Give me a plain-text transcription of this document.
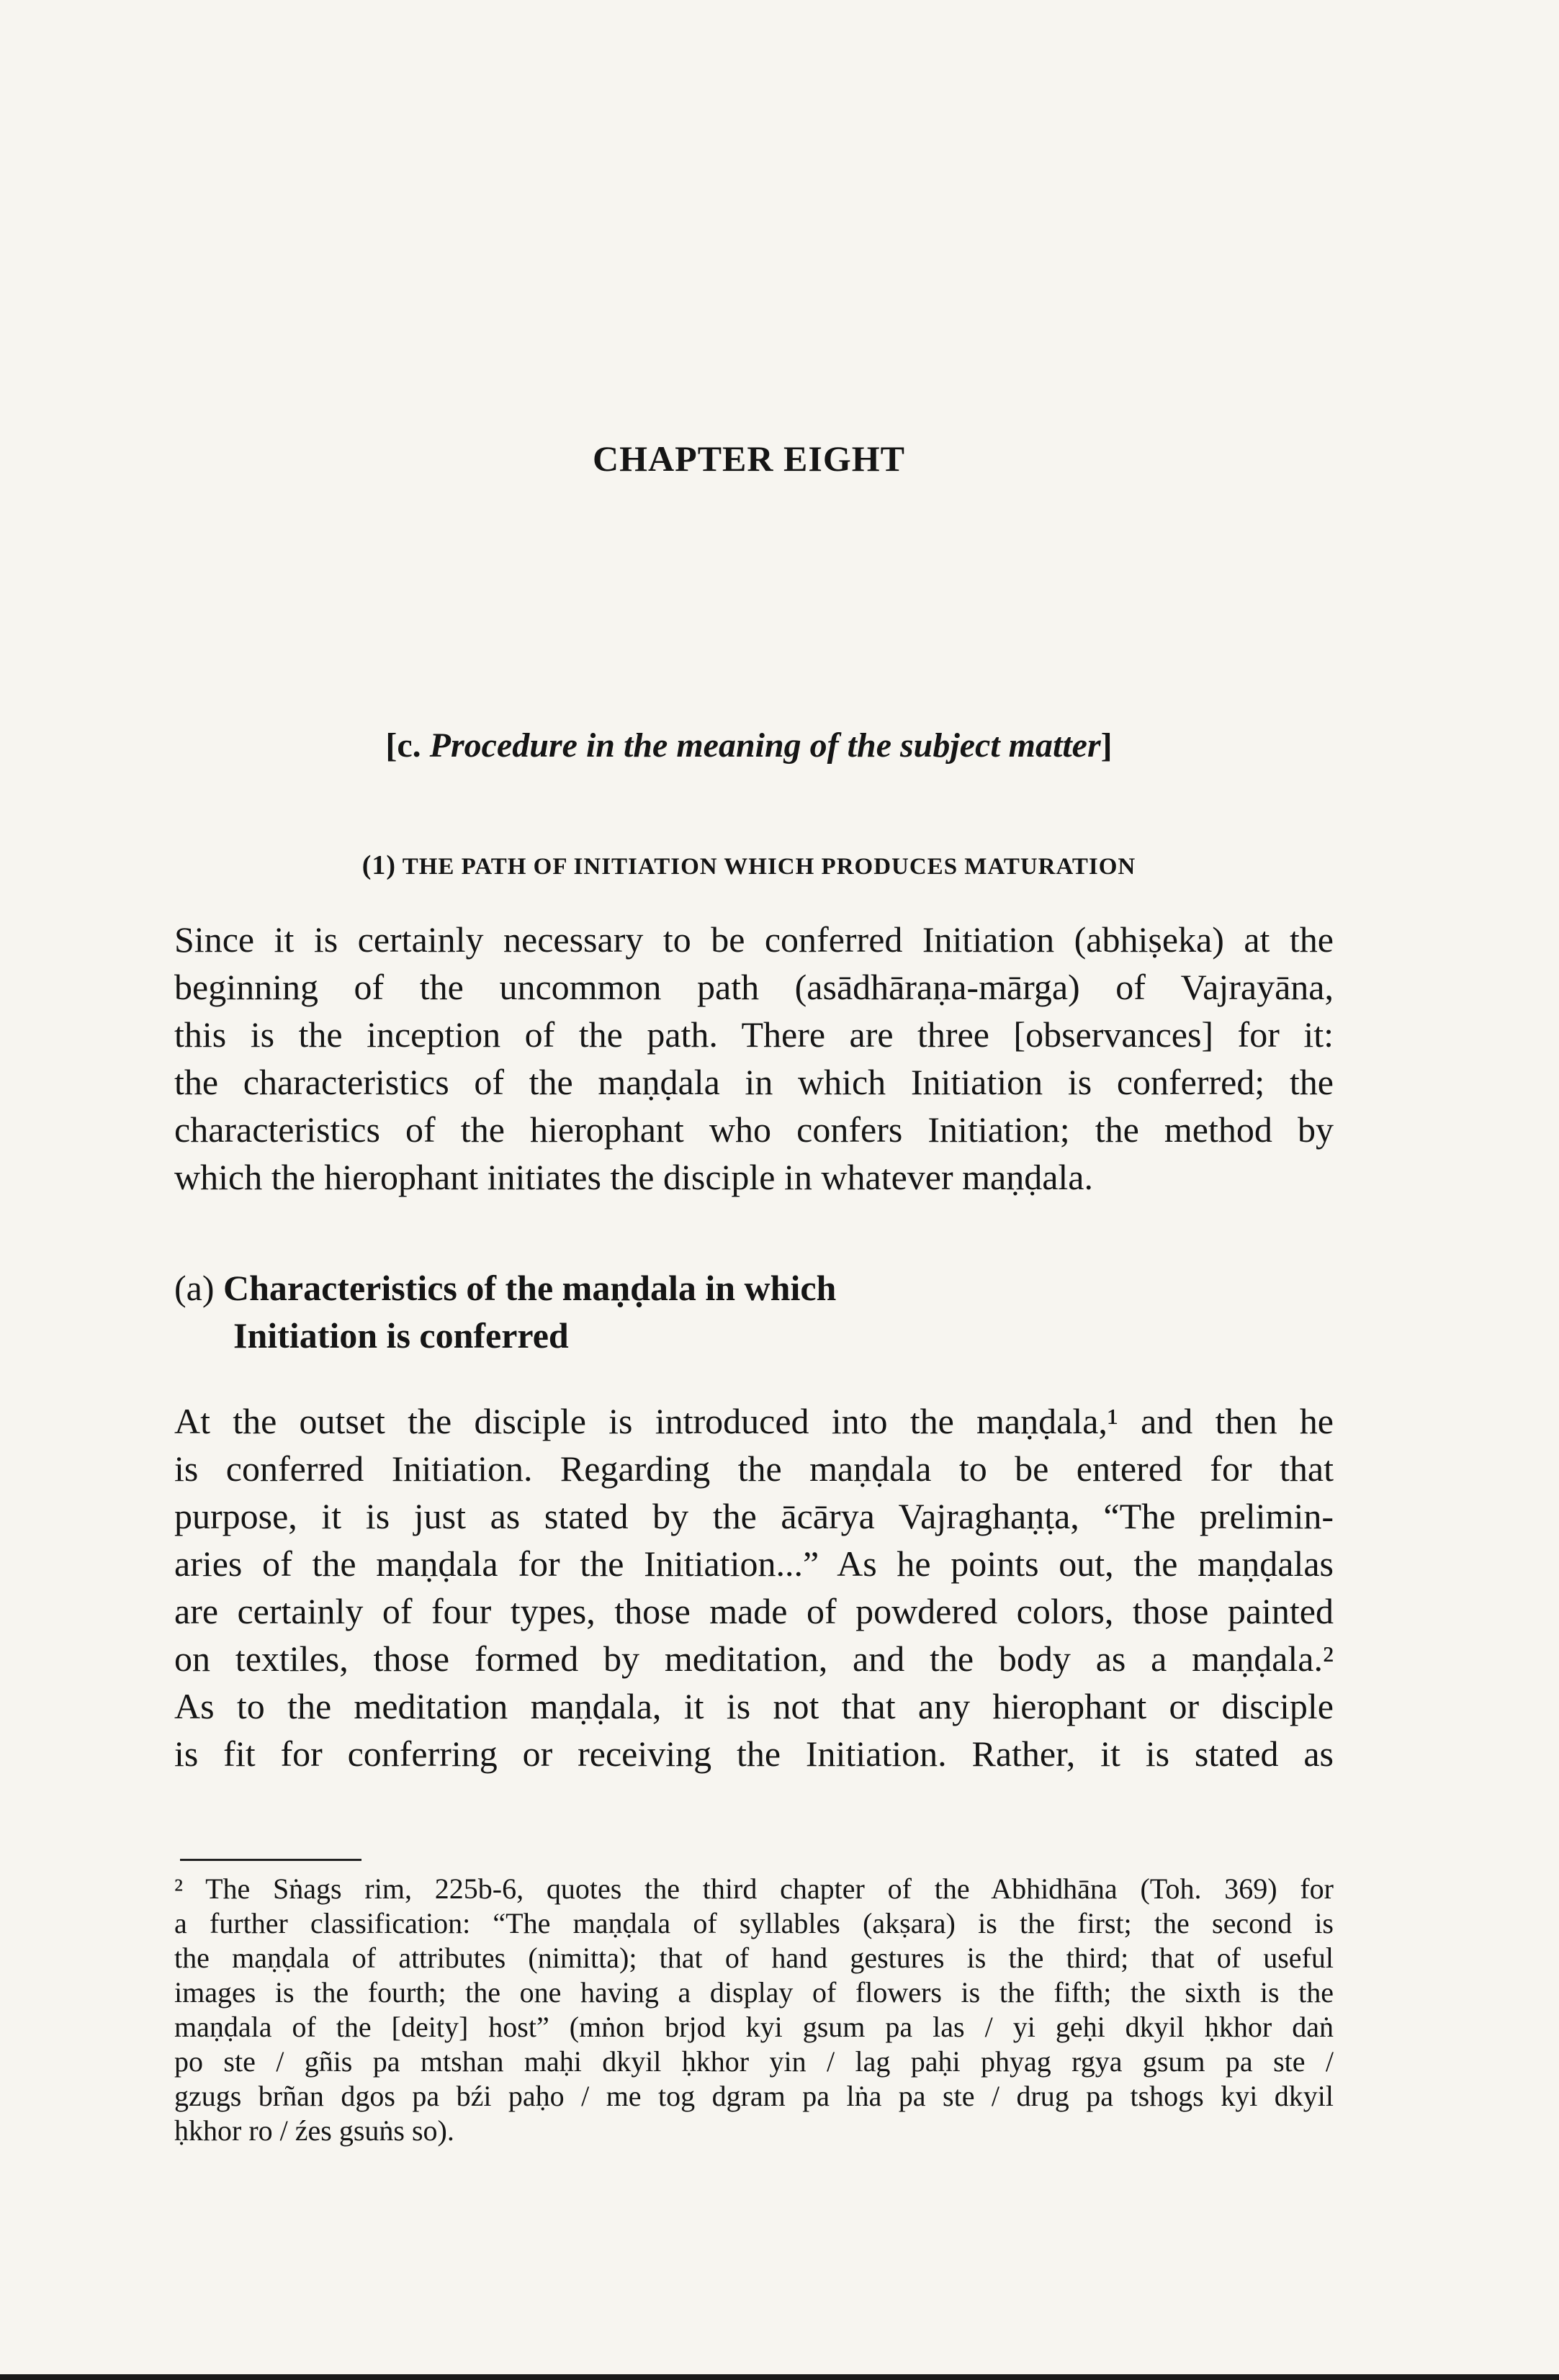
CHAPTER EIGHT
[c. Procedure in the meaning of the subject matter]
(1) THE PATH OF INITIATION WHICH PRODUCES MATURATION

Since it is certainly necessary to be conferred Initiation (abhiṣeka) at the
beginning of the uncommon path (asādhāraṇa-mārga) of Vajrayāna,
this is the inception of the path. There are three [observances] for it:
the characteristics of the maṇḍala in which Initiation is conferred; the
characteristics of the hierophant who confers Initiation; the method by
which the hierophant initiates the disciple in whatever maṇḍala.

(a) Characteristics of the maṇḍala in which
Initiation is conferred

At the outset the disciple is introduced into the maṇḍala,¹ and then he
is conferred Initiation. Regarding the maṇḍala to be entered for that
purpose, it is just as stated by the ācārya Vajraghaṇṭa, “The prelimin-
aries of the maṇḍala for the Initiation...” As he points out, the maṇḍalas
are certainly of four types, those made of powdered colors, those painted
on textiles, those formed by meditation, and the body as a maṇḍala.²
As to the meditation maṇḍala, it is not that any hierophant or disciple
is fit for conferring or receiving the Initiation. Rather, it is stated as

² The Sṅags rim, 225b-6, quotes the third chapter of the Abhidhāna (Toh. 369) for
a further classification: “The maṇḍala of syllables (akṣara) is the first; the second is
the maṇḍala of attributes (nimitta); that of hand gestures is the third; that of useful
images is the fourth; the one having a display of flowers is the fifth; the sixth is the
maṇḍala of the [deity] host” (mṅon brjod kyi gsum pa las / yi geḥi dkyil ḥkhor daṅ
po ste / gñis pa mtshan maḥi dkyil ḥkhor yin / lag paḥi phyag rgya gsum pa ste /
gzugs brñan dgos pa bźi paḥo / me tog dgram pa lṅa pa ste / drug pa tshogs kyi dkyil
ḥkhor ro / źes gsuṅs so).
